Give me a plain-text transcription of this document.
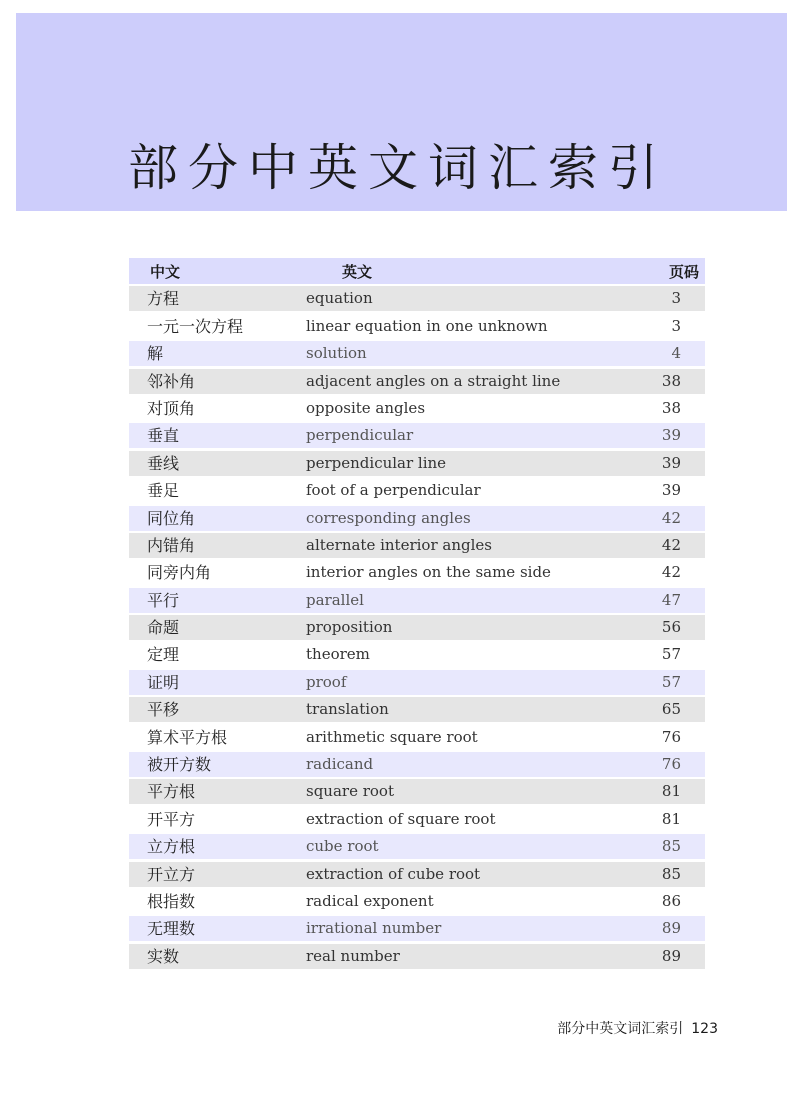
部分中英文词汇索引
中文	英文	页码
方程	equation	3
一元一次方程	linear equation in one unknown	3
解	solution	4
邻补角	adjacent angles on a straight line	38
对顶角	opposite angles	38
垂直	perpendicular	39
垂线	perpendicular line	39
垂足	foot of a perpendicular	39
同位角	corresponding angles	42
内错角	alternate interior angles	42
同旁内角	interior angles on the same side	42
平行	parallel	47
命题	proposition	56
定理	theorem	57
证明	proof	57
平移	translation	65
算术平方根	arithmetic square root	76
被开方数	radicand	76
平方根	square root	81
开平方	extraction of square root	81
立方根	cube root	85
开立方	extraction of cube root	85
根指数	radical exponent	86
无理数	irrational number	89
实数	real number	89
部分中英文词汇索引 123
